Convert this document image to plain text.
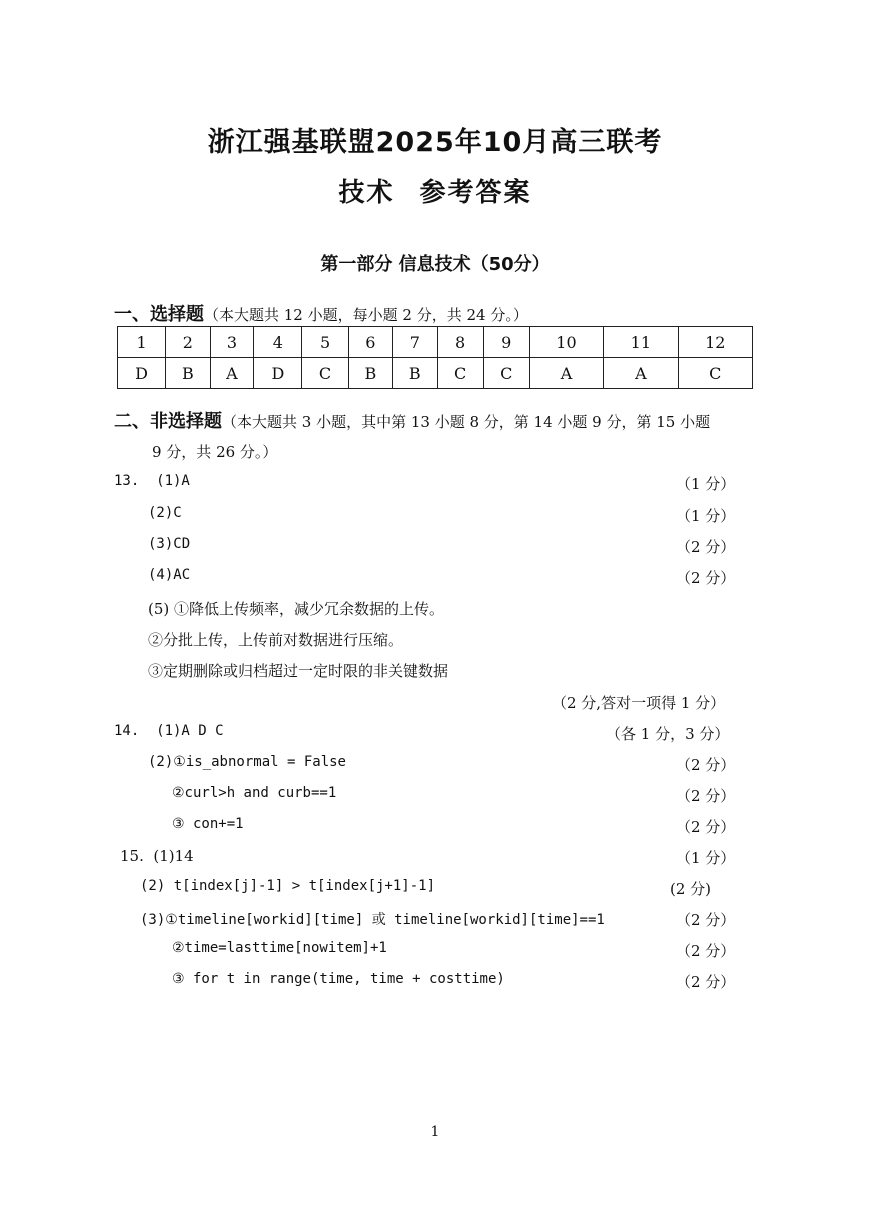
浙江强基联盟2025年10月高三联考
技术 参考答案
第一部分 信息技术（50分）
一、选择题（本大题共 12 小题，每小题 2 分，共 24 分。）
1	2	3	4	5	6	7	8	9	10	11	12
D	B	A	D	C	B	B	C	C	A	A	C
二、非选择题（本大题共 3 小题，其中第 13 小题 8 分，第 14 小题 9 分，第 15 小题
9 分，共 26 分。）
13.  (1)A	（1 分）
(2)C	（1 分）
(3)CD	（2 分）
(4)AC	（2 分）
(5) ①降低上传频率，减少冗余数据的上传。
②分批上传，上传前对数据进行压缩。
③定期删除或归档超过一定时限的非关键数据
（2 分,答对一项得 1 分）
14.  (1)A D C	（各 1 分，3 分）
(2)①is_abnormal = False	（2 分）
②curl>h and curb==1	（2 分）
③ con+=1	（2 分）
15.  (1)14	（1 分）
(2) t[index[j]-1] > t[index[j+1]-1]	(2 分)
(3)①timeline[workid][time] 或 timeline[workid][time]==1	（2 分）
②time=lasttime[nowitem]+1	（2 分）
③ for t in range(time, time + costtime)	（2 分）
1
